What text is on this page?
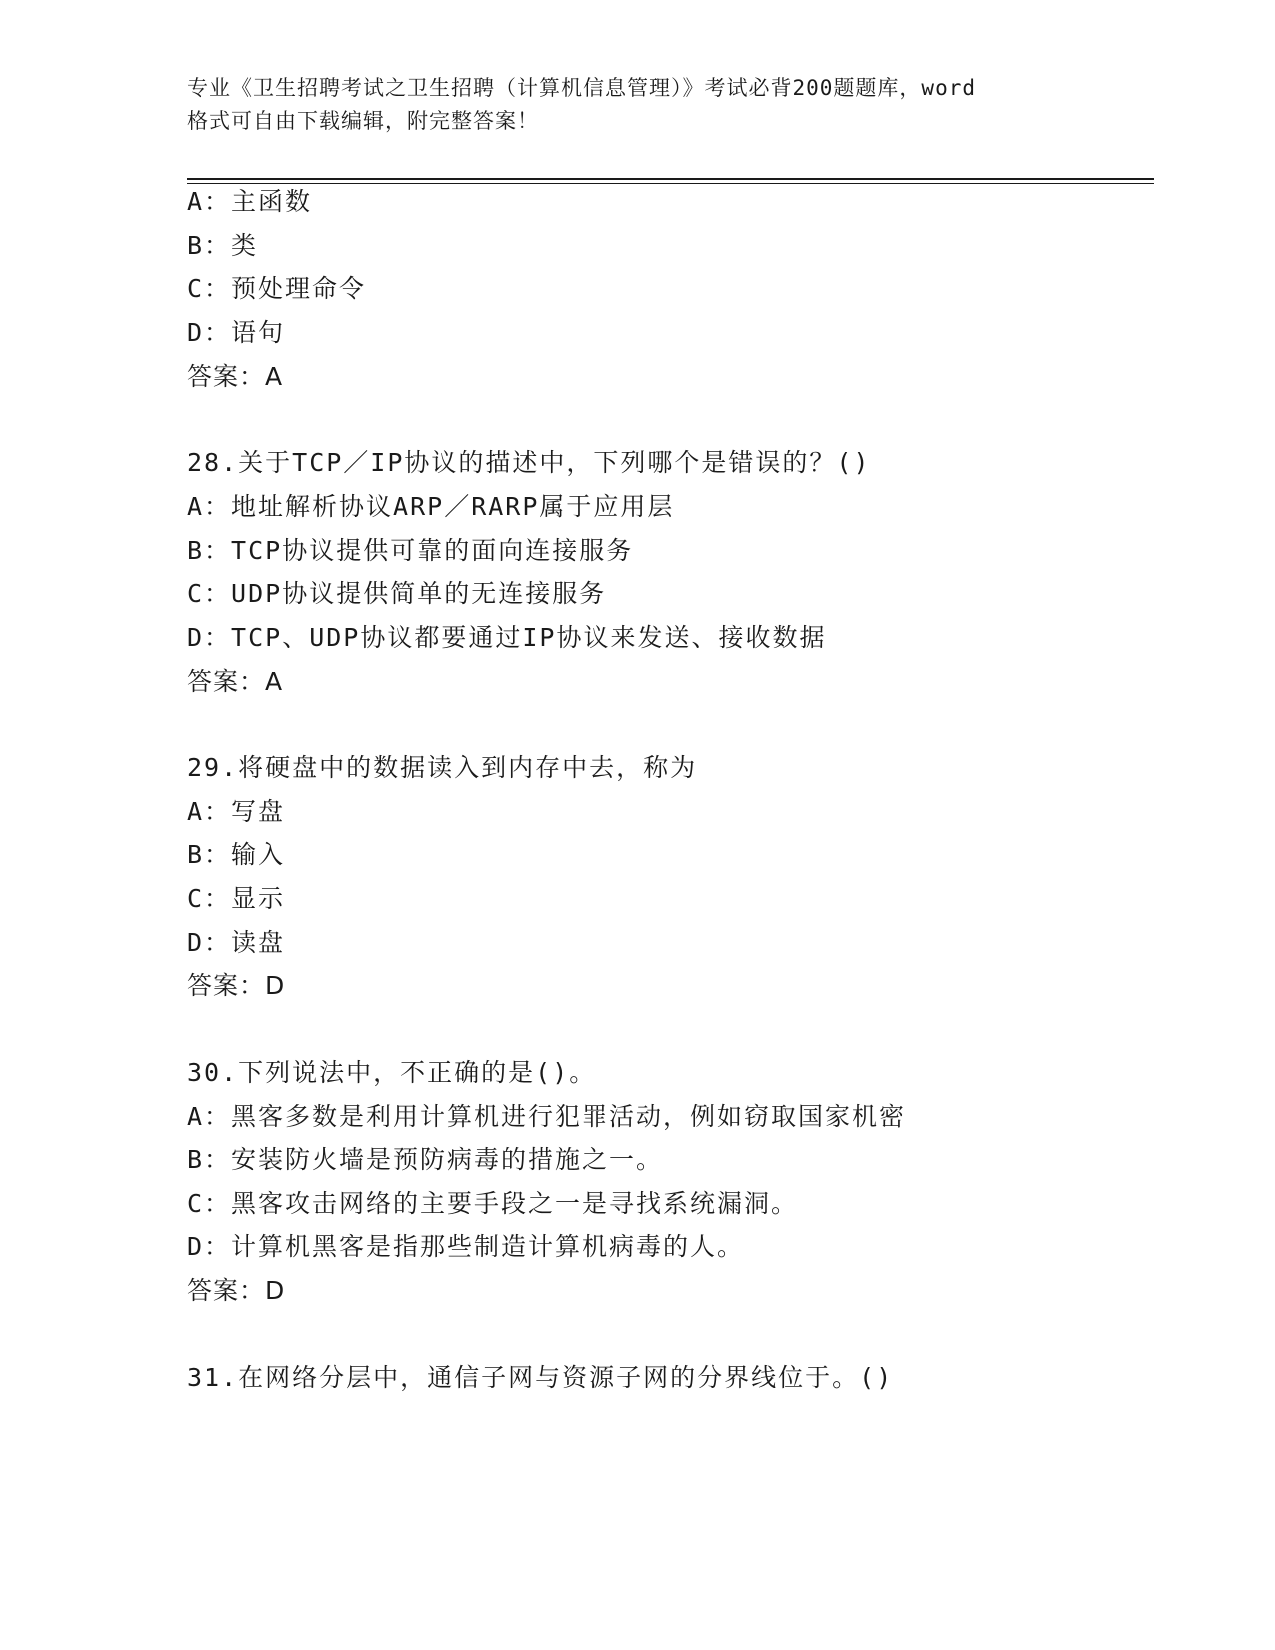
专业《卫生招聘考试之卫生招聘（计算机信息管理）》考试必背200题题库，word
格式可自由下载编辑，附完整答案！
A：主函数
B：类
C：预处理命令
D：语句
答案：A
28.关于TCP／IP协议的描述中，下列哪个是错误的？()
A：地址解析协议ARP／RARP属于应用层
B：TCP协议提供可靠的面向连接服务
C：UDP协议提供简单的无连接服务
D：TCP、UDP协议都要通过IP协议来发送、接收数据
答案：A
29.将硬盘中的数据读入到内存中去，称为
A：写盘
B：输入
C：显示
D：读盘
答案：D
30.下列说法中，不正确的是()。
A：黑客多数是利用计算机进行犯罪活动，例如窃取国家机密
B：安装防火墙是预防病毒的措施之一。
C：黑客攻击网络的主要手段之一是寻找系统漏洞。
D：计算机黑客是指那些制造计算机病毒的人。
答案：D
31.在网络分层中，通信子网与资源子网的分界线位于。()
